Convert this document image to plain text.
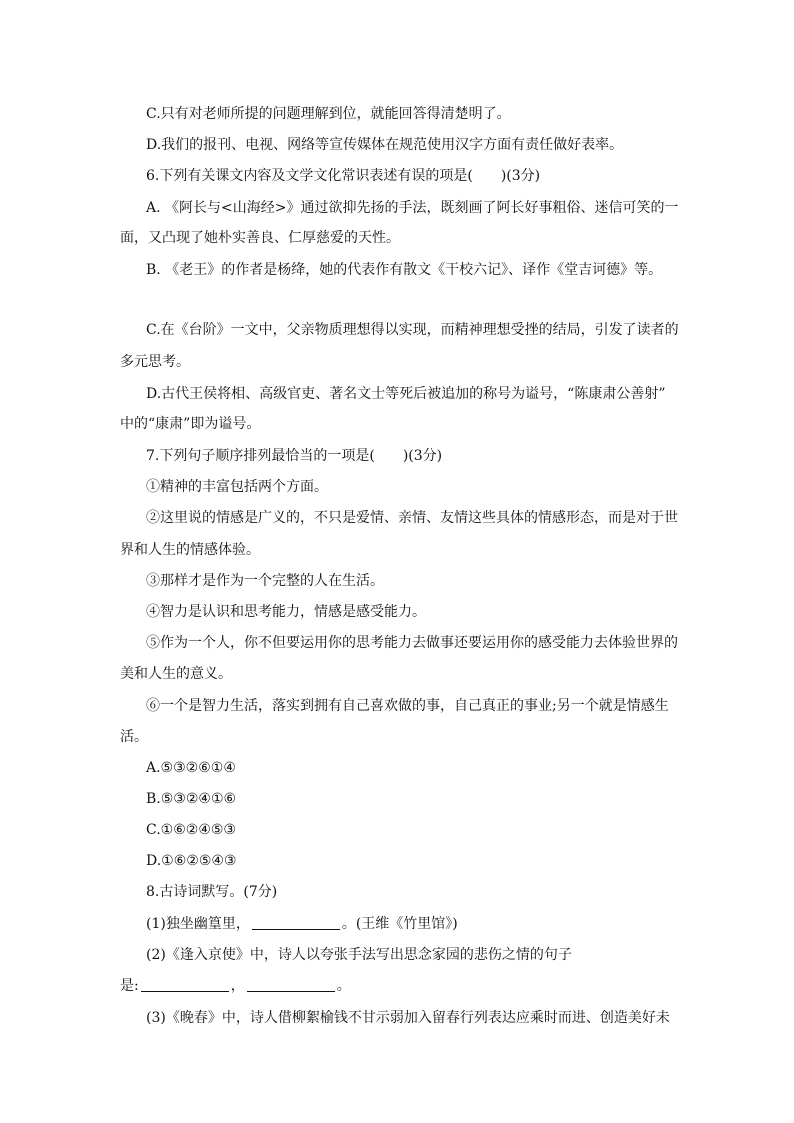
C.只有对老师所提的问题理解到位，就能回答得清楚明了。
D.我们的报刊、电视、网络等宣传媒体在规范使用汉字方面有责任做好表率。
6.下列有关课文内容及文学文化常识表述有误的项是(　　)(3分)
A. 《阿长与<山海经>》通过欲抑先扬的手法，既刻画了阿长好事粗俗、迷信可笑的一
面，又凸现了她朴实善良、仁厚慈爱的天性。
B. 《老王》的作者是杨绛，她的代表作有散文《干校六记》、译作《堂吉诃德》等。
C.在《台阶》一文中，父亲物质理想得以实现，而精神理想受挫的结局，引发了读者的
多元思考。
D.古代王侯将相、高级官吏、著名文士等死后被追加的称号为谥号，“陈康肃公善射”
中的“康肃”即为谥号。
7.下列句子顺序排列最恰当的一项是(　　)(3分)
①精神的丰富包括两个方面。
②这里说的情感是广义的，不只是爱情、亲情、友情这些具体的情感形态，而是对于世
界和人生的情感体验。
③那样才是作为一个完整的人在生活。
④智力是认识和思考能力，情感是感受能力。
⑤作为一个人，你不但要运用你的思考能力去做事还要运用你的感受能力去体验世界的
美和人生的意义。
⑥一个是智力生活，落实到拥有自己喜欢做的事，自己真正的事业;另一个就是情感生
活。
A.⑤③②⑥①④
B.⑤③②④①⑥
C.①⑥②④⑤③
D.①⑥②⑤④③
8.古诗词默写。(7分)
(1)独坐幽篁里，	。(王维《竹里馆》)
(2)《逢入京使》中，诗人以夸张手法写出思念家园的悲伤之情的句子
是:	，	。
(3)《晚春》中，诗人借柳絮榆钱不甘示弱加入留春行列表达应乘时而进、创造美好未
